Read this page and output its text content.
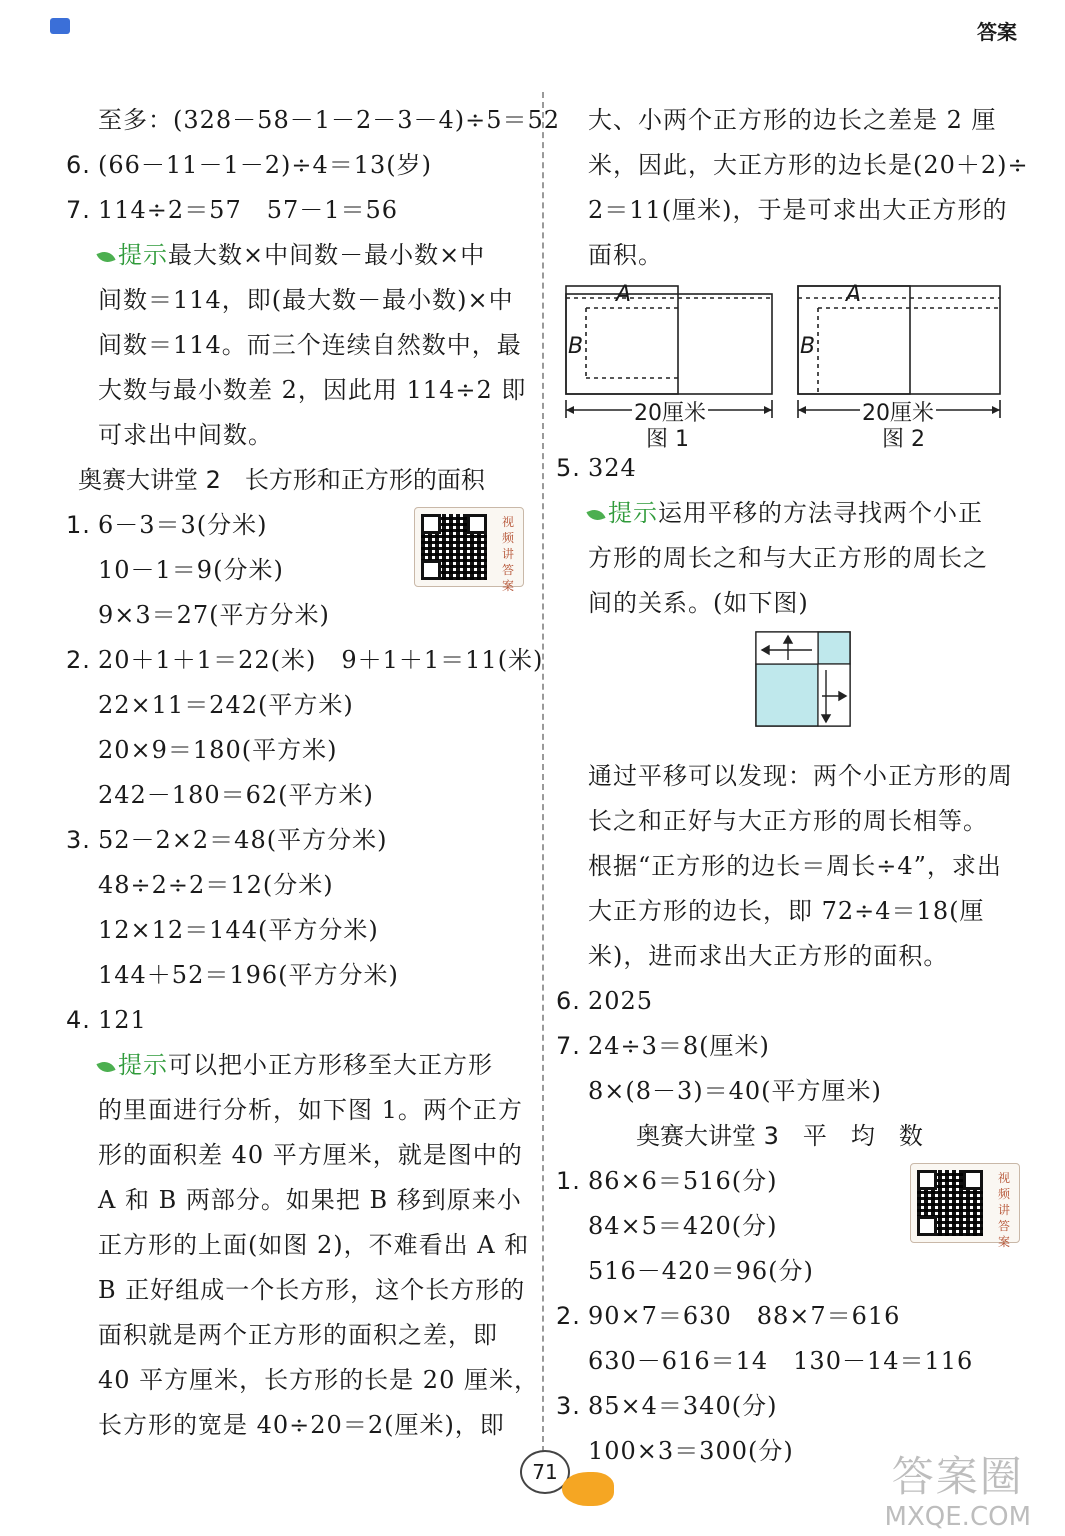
答案
至多：(328－58－1－2－3－4)÷5＝52
6. (66－11－1－2)÷4＝13(岁)
7. 114÷2＝57　57－1＝56
提示最大数×中间数－最小数×中
间数＝114，即(最大数－最小数)×中
间数＝114。而三个连续自然数中，最
大数与最小数差 2，因此用 114÷2 即
可求出中间数。
奥赛大讲堂 2　长方形和正方形的面积
视频讲答案
1. 6－3＝3(分米)
10－1＝9(分米)
9×3＝27(平方分米)
2. 20＋1＋1＝22(米)　9＋1＋1＝11(米)
22×11＝242(平方米)
20×9＝180(平方米)
242－180＝62(平方米)
3. 52－2×2＝48(平方分米)
48÷2÷2＝12(分米)
12×12＝144(平方分米)
144＋52＝196(平方分米)
4. 121
提示可以把小正方形移至大正方形
的里面进行分析，如下图 1。两个正方
形的面积差 40 平方厘米，就是图中的
A 和 B 两部分。如果把 B 移到原来小
正方形的上面(如图 2)，不难看出 A 和
B 正好组成一个长方形，这个长方形的
面积就是两个正方形的面积之差，即
40 平方厘米，长方形的长是 20 厘米，
长方形的宽是 40÷20＝2(厘米)，即
大、小两个正方形的边长之差是 2 厘
米，因此，大正方形的边长是(20＋2)÷
2＝11(厘米)，于是可求出大正方形的
面积。
A
B
A
B
20厘米	20厘米
图 1	图 2
5. 324
提示运用平移的方法寻找两个小正
方形的周长之和与大正方形的周长之
间的关系。(如下图)
通过平移可以发现：两个小正方形的周
长之和正好与大正方形的周长相等。
根据“正方形的边长＝周长÷4”，求出
大正方形的边长，即 72÷4＝18(厘
米)，进而求出大正方形的面积。
6. 2025
7. 24÷3＝8(厘米)
8×(8－3)＝40(平方厘米)
奥赛大讲堂 3　平　均　数
视频讲答案
1. 86×6＝516(分)
84×5＝420(分)
516－420＝96(分)
2. 90×7＝630　88×7＝616
630－616＝14　130－14＝116
3. 85×4＝340(分)
100×3＝300(分)
71	答案圈
MXQE.COM
